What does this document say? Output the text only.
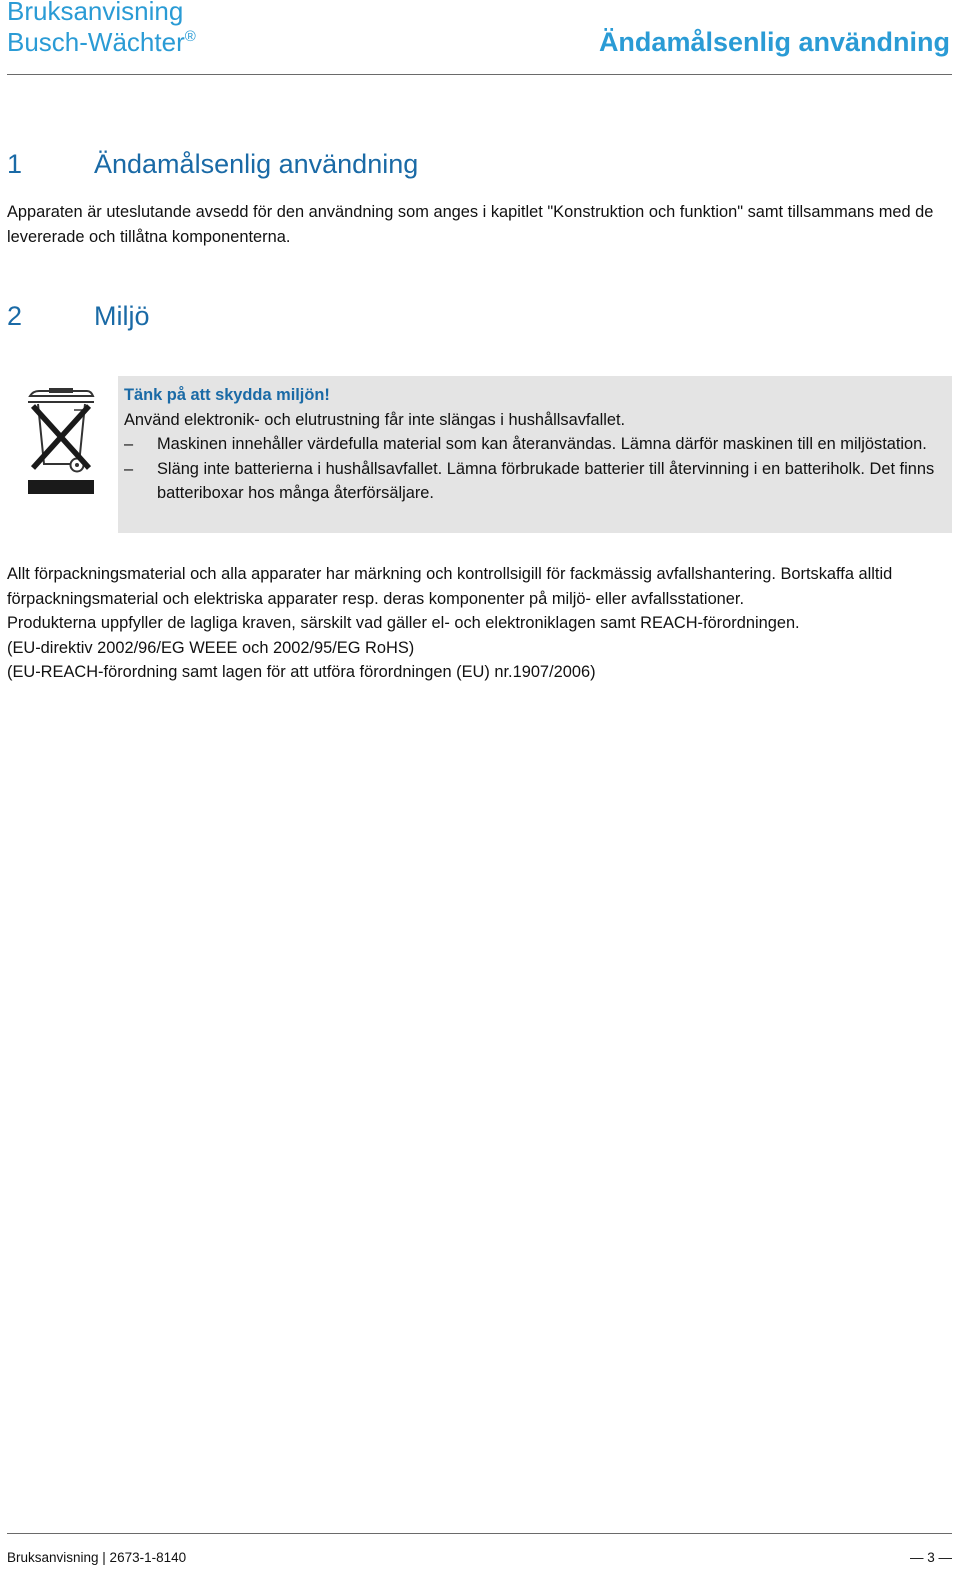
Bruksanvisning
Busch-Wächter®	Ändamålsenlig användning
1	Ändamålsenlig användning

Apparaten är uteslutande avsedd för den användning som anges i kapitlet "Konstruktion och funktion" samt tillsammans med de levererade och tillåtna komponenterna.

2	Miljö

Tänk på att skydda miljön!

Använd elektronik- och elutrustning får inte slängas i hushållsavfallet.

– Maskinen innehåller värdefulla material som kan återanvändas. Lämna därför maskinen till en miljöstation.
– Släng inte batterierna i hushållsavfallet. Lämna förbrukade batterier till återvinning i en batteriholk. Det finns batteriboxar hos många återförsäljare.

Allt förpackningsmaterial och alla apparater har märkning och kontrollsigill för fackmässig avfallshantering. Bortskaffa alltid förpackningsmaterial och elektriska apparater resp. deras komponenter på miljö- eller avfallsstationer.

Produkterna uppfyller de lagliga kraven, särskilt vad gäller el- och elektroniklagen samt REACH-förordningen.

(EU-direktiv 2002/96/EG WEEE och 2002/95/EG RoHS)

(EU-REACH-förordning samt lagen för att utföra förordningen (EU) nr.1907/2006)

Bruksanvisning | 2673-1-8140	— 3 —
